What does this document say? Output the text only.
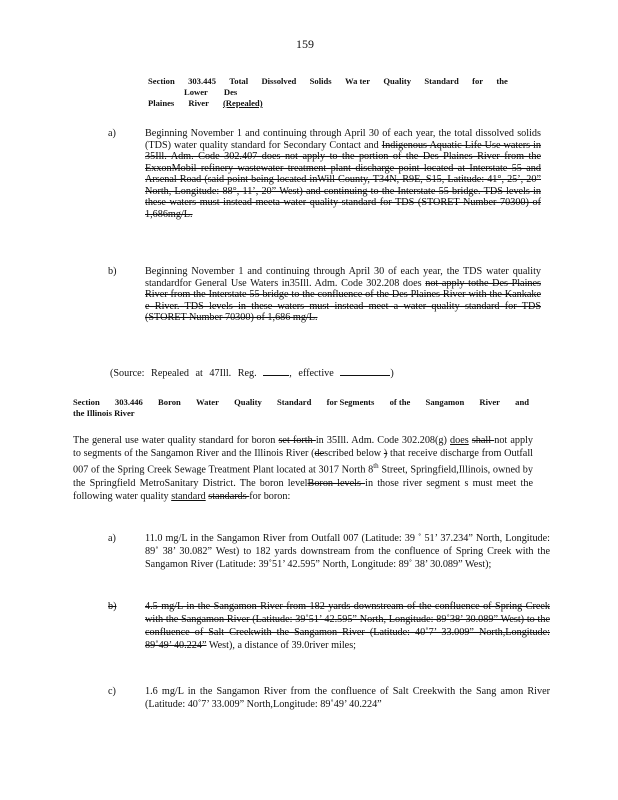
159
Section 303.445 Total Dissolved Solids Wa ter Quality Standard for the
Lower Des
Plaines River (Repealed)
a)	Beginning November 1 and continuing through April 30 of each year, the total dissolved solids (TDS) water quality standard for Secondary Contact and Indigenous Aquatic Life Use waters in 35Ill. Adm. Code 302.407 does not apply to the portion of the Des Plaines River from the ExxonMobil refinery wastewater treatment plant discharge point located at Interstate 55 and Arsenal Road (said point being located inWill County, T34N, R9E, S15, Latitude: 41°, 25’, 20” North, Longitude: 88°, 11’, 20” West) and continuing to the Interstate 55 bridge. TDS levels in these waters must instead meeta water quality standard for TDS (STORET Number 70300) of 1,686mg/L.
b)	Beginning November 1 and continuing through April 30 of each year, the TDS water quality standardfor General Use Waters in35Ill. Adm. Code 302.208 does not apply tothe Des Plaines River from the Interstate 55 bridge to the confluence of the Des Plaines River with the Kankake e River. TDS levels in these waters must instead meet a water quality standard for TDS (STORET Number 70300) of 1,686 mg/L.
(Source: Repealed at 47Ill. Reg.	, effective	)
Section 303.446 Boron Water Quality Standard for Segments of the Sangamon River and
the Illinois River
The general use water quality standard for boron set forth in 35Ill. Adm. Code 302.208(g) does shall not apply to segments of the Sangamon River and the Illinois River (described below ) that receive discharge from Outfall 007 of the Spring Creek Sewage Treatment Plant located at 3017 North 8th Street, Springfield,Illinois, owned by the Springfield MetroSanitary District. The boron levelBoron levels in those river segment s must meet the following water quality standard standards for boron:
a)	11.0 mg/L in the Sangamon River from Outfall 007 (Latitude: 39 ˚ 51’ 37.234” North, Longitude: 89˚ 38’ 30.082” West) to 182 yards downstream from the confluence of Spring Creek with the Sangamon River (Latitude: 39˚51’ 42.595” North, Longitude: 89˚ 38’ 30.089” West);
b)	4.5 mg/L in the Sangamon River from 182 yards downstream of the confluence of Spring Creek with the Sangamon River (Latitude: 39˚51’ 42.595” North, Longitude: 89˚38’ 30.089” West) to the confluence of Salt Creekwith the Sangamon River (Latitude: 40˚7’ 33.009” North,Longitude: 89˚49’ 40.224” West), a distance of 39.0river miles;
c)	1.6 mg/L in the Sangamon River from the confluence of Salt Creekwith the Sang amon River (Latitude: 40˚7’ 33.009” North,Longitude: 89˚49’ 40.224”
